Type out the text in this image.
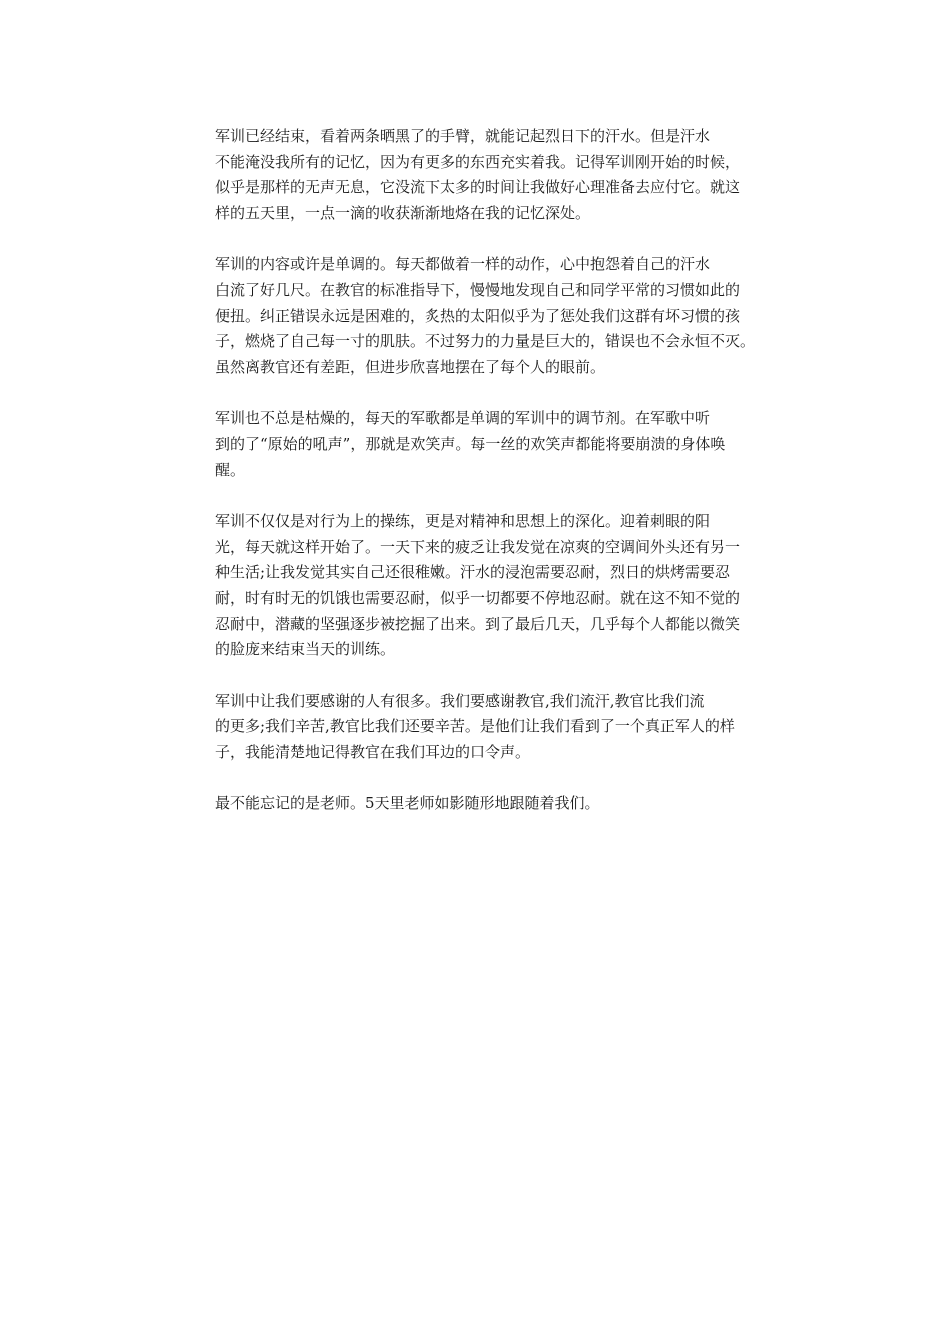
军训已经结束，看着两条晒黑了的手臂，就能记起烈日下的汗水。但是汗水
不能淹没我所有的记忆，因为有更多的东西充实着我。记得军训刚开始的时候，
似乎是那样的无声无息，它没流下太多的时间让我做好心理准备去应付它。就这
样的五天里，一点一滴的收获渐渐地烙在我的记忆深处。

军训的内容或许是单调的。每天都做着一样的动作，心中抱怨着自己的汗水
白流了好几尺。在教官的标准指导下，慢慢地发现自己和同学平常的习惯如此的
便扭。纠正错误永远是困难的，炙热的太阳似乎为了惩处我们这群有坏习惯的孩
子，燃烧了自己每一寸的肌肤。不过努力的力量是巨大的，错误也不会永恒不灭。
虽然离教官还有差距，但进步欣喜地摆在了每个人的眼前。

军训也不总是枯燥的，每天的军歌都是单调的军训中的调节剂。在军歌中听
到的了“原始的吼声”，那就是欢笑声。每一丝的欢笑声都能将要崩溃的身体唤
醒。

军训不仅仅是对行为上的操练，更是对精神和思想上的深化。迎着刺眼的阳
光，每天就这样开始了。一天下来的疲乏让我发觉在凉爽的空调间外头还有另一
种生活;让我发觉其实自己还很稚嫩。汗水的浸泡需要忍耐，烈日的烘烤需要忍
耐，时有时无的饥饿也需要忍耐，似乎一切都要不停地忍耐。就在这不知不觉的
忍耐中，潜藏的坚强逐步被挖掘了出来。到了最后几天，几乎每个人都能以微笑
的脸庞来结束当天的训练。

军训中让我们要感谢的人有很多。我们要感谢教官,我们流汗,教官比我们流
的更多;我们辛苦,教官比我们还要辛苦。是他们让我们看到了一个真正军人的样
子，我能清楚地记得教官在我们耳边的口令声。

最不能忘记的是老师。5天里老师如影随形地跟随着我们。
